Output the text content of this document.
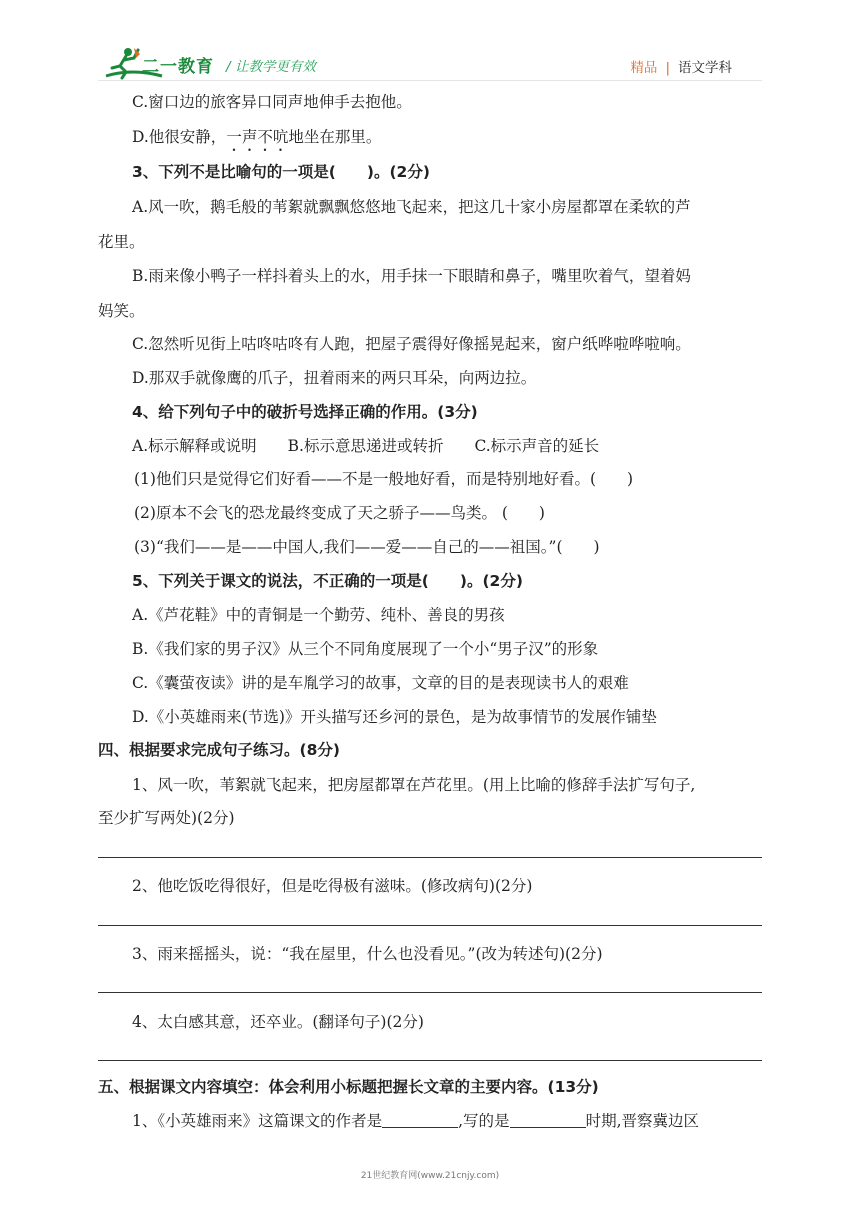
二一教育 / 让教学更有效	精品 | 语文学科
C.窗口边的旅客异口同声地伸手去抱他。
D.他很安静，一声不吭地坐在那里。
3、下列不是比喻句的一项是(　　)。(2分)
A.风一吹，鹅毛般的苇絮就飘飘悠悠地飞起来，把这几十家小房屋都罩在柔软的芦
花里。
B.雨来像小鸭子一样抖着头上的水，用手抹一下眼睛和鼻子，嘴里吹着气，望着妈
妈笑。
C.忽然听见街上咕咚咕咚有人跑，把屋子震得好像摇晃起来，窗户纸哗啦哗啦响。
D.那双手就像鹰的爪子，扭着雨来的两只耳朵，向两边拉。
4、给下列句子中的破折号选择正确的作用。(3分)
A.标示解释或说明　　B.标示意思递进或转折　　C.标示声音的延长
(1)他们只是觉得它们好看——不是一般地好看，而是特别地好看。(　　)
(2)原本不会飞的恐龙最终变成了天之骄子——鸟类。 (　　)
(3)“我们——是——中国人,我们——爱——自己的——祖国。”(　　)
5、下列关于课文的说法，不正确的一项是(　　)。(2分)
A.《芦花鞋》中的青铜是一个勤劳、纯朴、善良的男孩
B.《我们家的男子汉》从三个不同角度展现了一个小“男子汉”的形象
C.《囊萤夜读》讲的是车胤学习的故事，文章的目的是表现读书人的艰难
D.《小英雄雨来(节选)》开头描写还乡河的景色，是为故事情节的发展作铺垫
四、根据要求完成句子练习。(8分)
1、风一吹，苇絮就飞起来，把房屋都罩在芦花里。(用上比喻的修辞手法扩写句子,
至少扩写两处)(2分)
2、他吃饭吃得很好，但是吃得极有滋味。(修改病句)(2分)
3、雨来摇摇头，说：“我在屋里，什么也没看见。”(改为转述句)(2分)
4、太白感其意，还卒业。(翻译句子)(2分)
五、根据课文内容填空：体会利用小标题把握长文章的主要内容。(13分)
1、《小英雄雨来》这篇课文的作者是	,写的是	时期,晋察冀边区
21世纪教育网(www.21cnjy.com)
